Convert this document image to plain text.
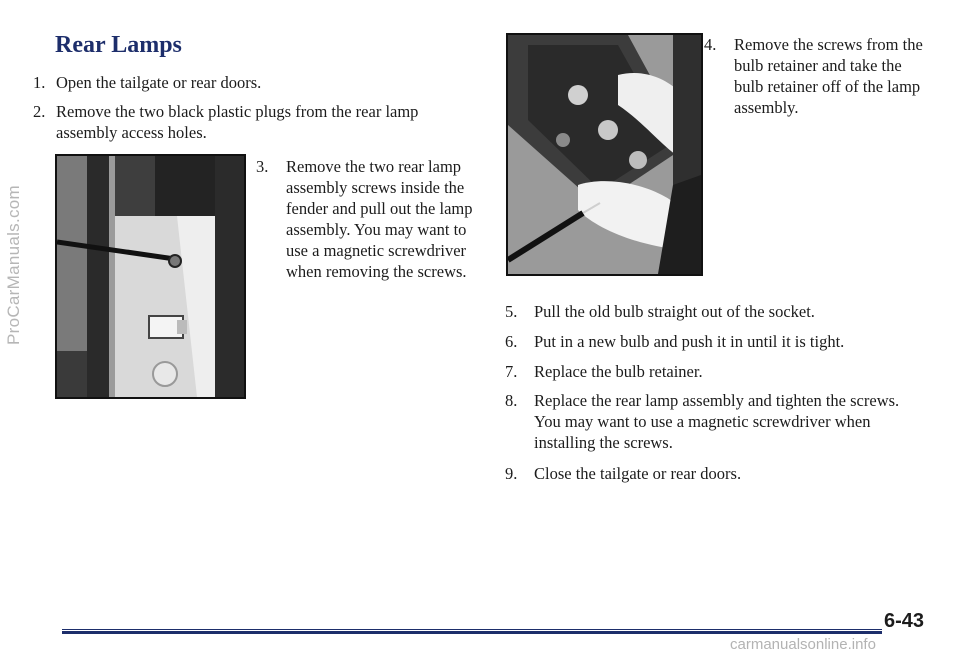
ProCarManuals.com
Rear Lamps
1. Open the tailgate or rear doors.
2. Remove the two black plastic plugs from the rear lamp assembly access holes.
3.	Remove the two rear lamp assembly screws inside the fender and pull out the lamp assembly. You may want to use a magnetic screwdriver when removing the screws.
4.	Remove the screws from the bulb retainer and take the bulb retainer off of the lamp assembly.
5.	Pull the old bulb straight out of the socket.
6.	Put in a new bulb and push it in until it is tight.
7.	Replace the bulb retainer.
8.	Replace the rear lamp assembly and tighten the screws. You may want to use a magnetic screwdriver when installing the screws.
9.	Close the tailgate or rear doors.
6-43
carmanualsonline.info
